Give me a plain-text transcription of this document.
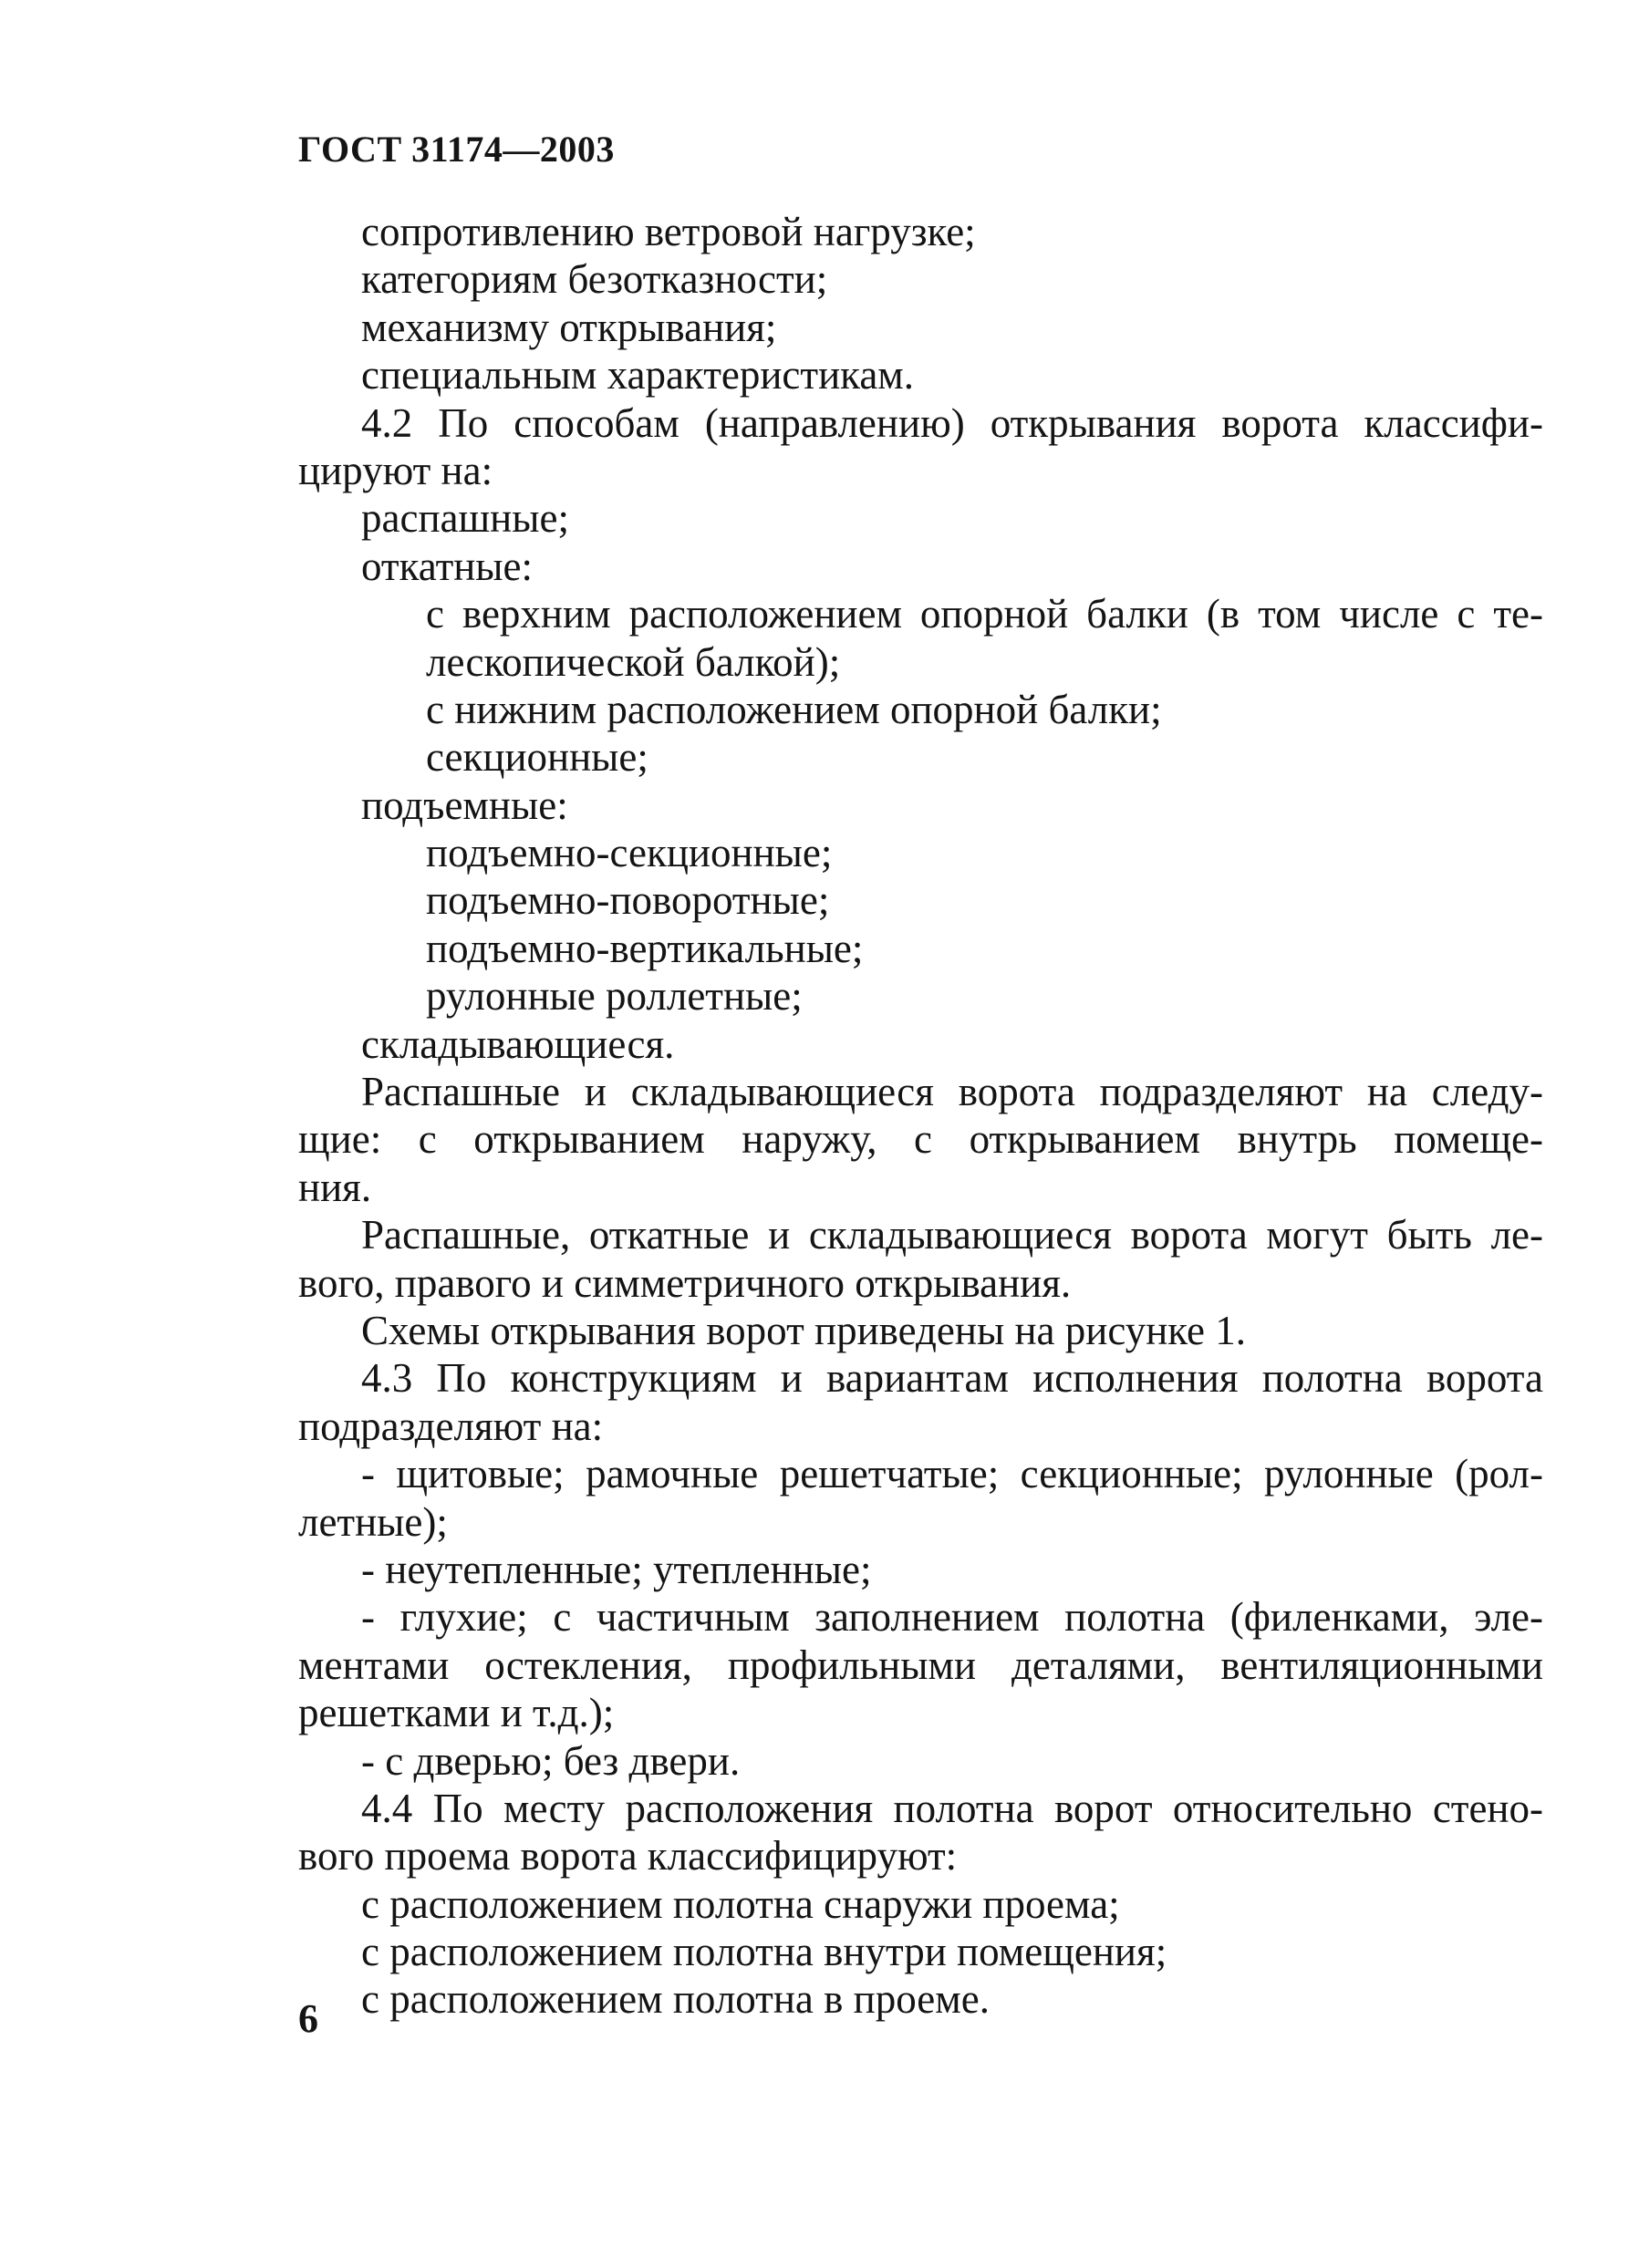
ГОСТ 31174—2003
сопротивлению ветровой нагрузке;
категориям безотказности;
механизму открывания;
специальным характеристикам.
4.2 По способам (направлению) открывания ворота классифи-
цируют на:
распашные;
откатные:
с верхним расположением опорной балки (в том числе с те-
лескопической балкой);
с нижним расположением опорной балки;
секционные;
подъемные:
подъемно-секционные;
подъемно-поворотные;
подъемно-вертикальные;
рулонные роллетные;
складывающиеся.
Распашные и складывающиеся ворота подразделяют на следу-
щие: с открыванием наружу, с открыванием внутрь помеще-
ния.
Распашные, откатные и складывающиеся ворота могут быть ле-
вого, правого и симметричного открывания.
Схемы открывания ворот приведены на рисунке 1.
4.3 По конструкциям и вариантам исполнения полотна ворота
подразделяют на:
- щитовые; рамочные решетчатые; секционные; рулонные (рол-
летные);
- неутепленные; утепленные;
- глухие; с частичным заполнением полотна (филенками, эле-
ментами остекления, профильными деталями, вентиляционными
решетками и т.д.);
- с дверью; без двери.
4.4 По месту расположения полотна ворот относительно стено-
вого проема ворота классифицируют:
с расположением полотна снаружи проема;
с расположением полотна внутри помещения;
с расположением полотна в проеме.
6
